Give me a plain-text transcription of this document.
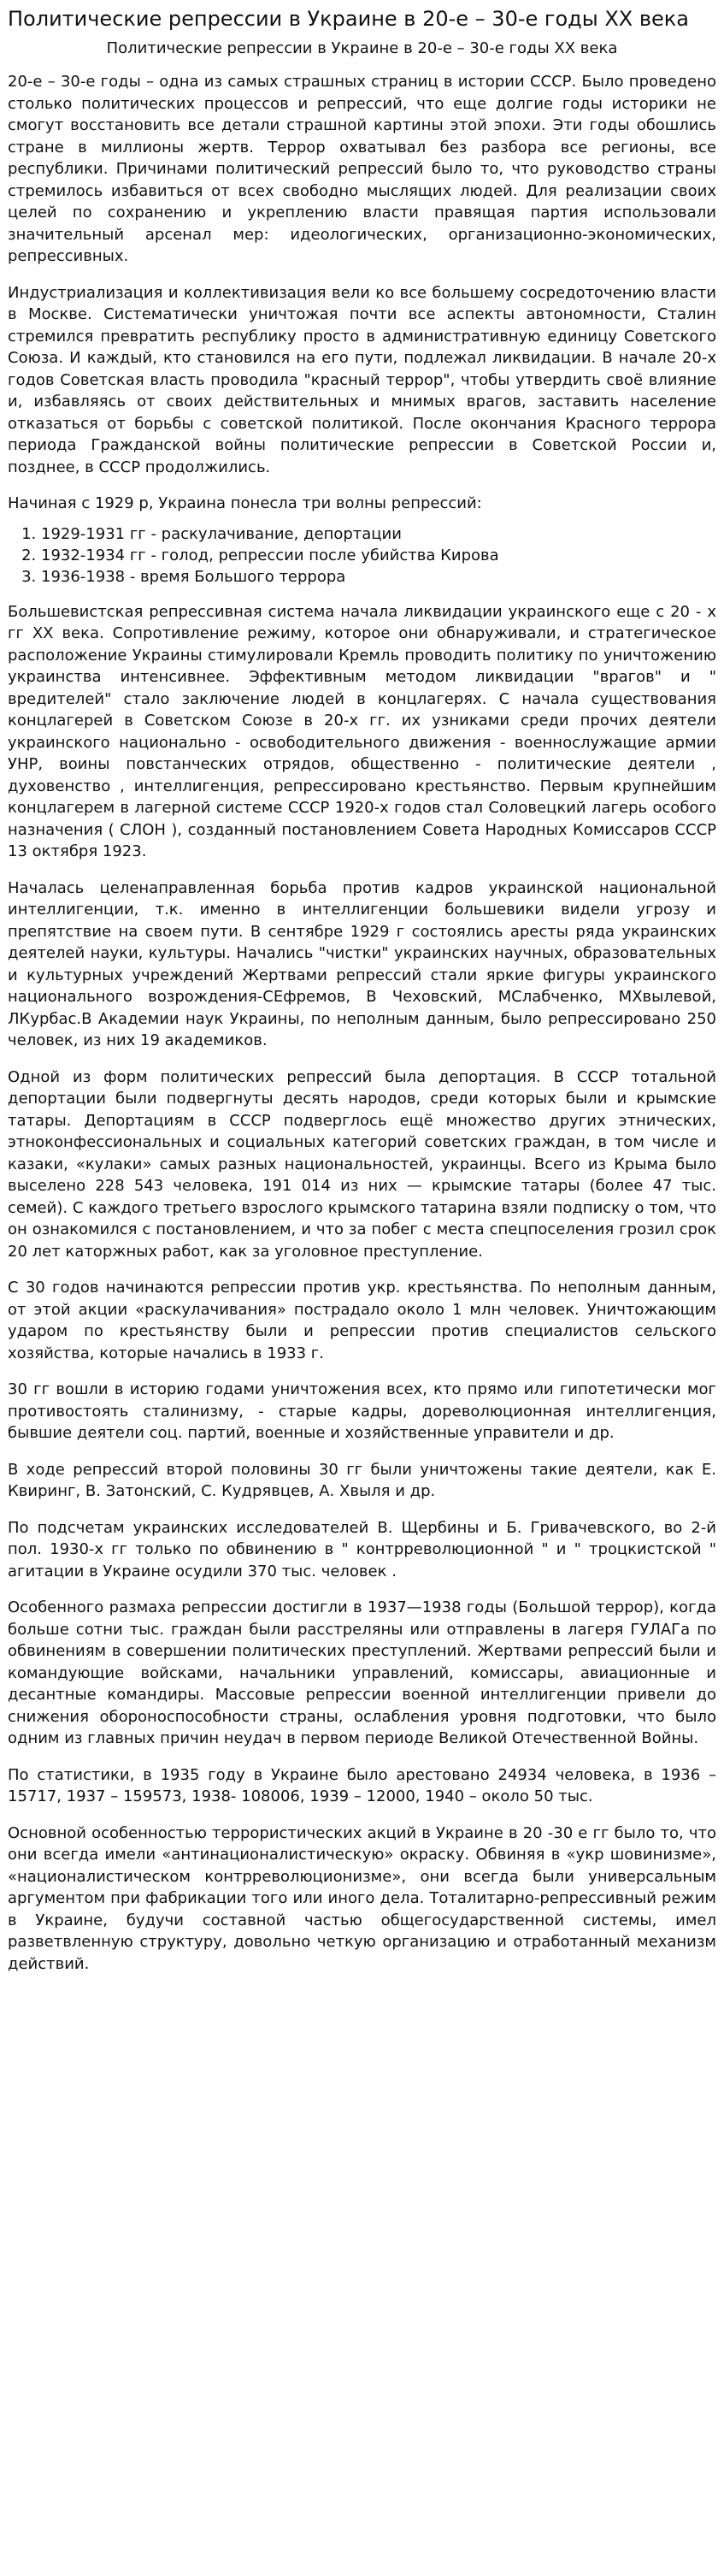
Политические репрессии в Украине в 20-е – 30-е годы XX века
Политические репрессии в Украине в 20-е – 30-е годы XX века

20-е – 30-е годы – одна из самых страшных страниц в истории СССР. Было проведено столько политических процессов и репрессий, что еще долгие годы историки не смогут восстановить все детали страшной картины этой эпохи. Эти годы обошлись стране в миллионы жертв. Террор охватывал без разбора все регионы, все республики. Причинами политический репрессий было то, что руководство страны стремилось избавиться от всех свободно мыслящих людей. Для реализации своих целей по сохранению и укреплению власти правящая партия использовали значительный арсенал мер: идеологических, организационно-экономических, репрессивных.

Индустриализация и коллективизация вели ко все большему сосредоточению власти в Москве. Систематически уничтожая почти все аспекты автономности, Сталин стремился превратить республику просто в административную единицу Советского Союза. И каждый, кто становился на его пути, подлежал ликвидации. В начале 20-х годов Советская власть проводила "красный террор", чтобы утвердить своё влияние и, избавляясь от своих действительных и мнимых врагов, заставить население отказаться от борьбы с советской политикой. После окончания Красного террора периода Гражданской войны политические репрессии в Советской России и, позднее, в СССР продолжились.

Начиная с 1929 р, Украина понесла три волны репрессий:

1. 1929-1931 гг - раскулачивание, депортации
2. 1932-1934 гг - голод, репрессии после убийства Кирова
3. 1936-1938 - время Большого террора

Большевистская репрессивная система начала ликвидации украинского еще с 20 - х гг XX века. Сопротивление режиму, которое они обнаруживали, и стратегическое расположение Украины стимулировали Кремль проводить политику по уничтожению украинства интенсивнее. Эффективным методом ликвидации "врагов" и " вредителей" стало заключение людей в концлагерях. С начала существования концлагерей в Советском Союзе в 20-х гг. их узниками среди прочих деятели украинского национально - освободительного движения - военнослужащие армии УНР, воины повстанческих отрядов, общественно - политические деятели , духовенство , интеллигенция, репрессировано крестьянство. Первым крупнейшим концлагерем в лагерной системе СССР 1920-х годов стал Соловецкий лагерь особого назначения ( СЛОН ), созданный постановлением Совета Народных Комиссаров СССР 13 октября 1923.

Началась целенаправленная борьба против кадров украинской национальной интеллигенции, т.к. именно в интеллигенции большевики видели угрозу и препятствие на своем пути. В сентябре 1929 г состоялись аресты ряда украинских деятелей науки, культуры. Начались "чистки" украинских научных, образовательных и культурных учреждений Жертвами репрессий стали яркие фигуры украинского национального возрождения-СЕфремов, В Чеховский, МСлабченко, МХвылевой, ЛКурбас.В Академии наук Украины, по неполным данным, было репрессировано 250 человек, из них 19 академиков.

Одной из форм политических репрессий была депортация. В СССР тотальной депортации были подвергнуты десять народов, среди которых были и крымские татары. Депортациям в СССР подверглось ещё множество других этнических, этноконфессиональных и социальных категорий советских граждан, в том числе и казаки, «кулаки» самых разных национальностей, украинцы. Всего из Крыма было выселено 228 543 человека, 191 014 из них — крымские татары (более 47 тыс. семей). С каждого третьего взрослого крымского татарина взяли подписку о том, что он ознакомился с постановлением, и что за побег с места спецпоселения грозил срок 20 лет каторжных работ, как за уголовное преступление.

С 30 годов начинаются репрессии против укр. крестьянства. По неполным данным, от этой акции «раскулачивания» пострадало около 1 млн человек. Уничтожающим ударом по крестьянству были и репрессии против специалистов сельского хозяйства, которые начались в 1933 г.

30 гг вошли в историю годами уничтожения всех, кто прямо или гипотетически мог противостоять сталинизму, - старые кадры, дореволюционная интеллигенция, бывшие деятели соц. партий, военные и хозяйственные управители и др.

В ходе репрессий второй половины 30 гг были уничтожены такие деятели, как Е. Квиринг, В. Затонский, С. Кудрявцев, А. Хвыля и др.

По подсчетам украинских исследователей В. Щербины и Б. Гривачевского, во 2-й пол. 1930-х гг только по обвинению в " контрреволюционной " и " троцкистской " агитации в Украине осудили 370 тыс. человек .

Особенного размаха репрессии достигли в 1937—1938 годы (Большой террор), когда больше сотни тыс. граждан были расстреляны или отправлены в лагеря ГУЛАГа по обвинениям в совершении политических преступлений. Жертвами репрессий были и командующие войсками, начальники управлений, комиссары, авиационные и десантные командиры. Массовые репрессии военной интеллигенции привели до снижения обороноспособности страны, ослабления уровня подготовки, что было одним из главных причин неудач в первом периоде Великой Отечественной Войны.

По статистики, в 1935 году в Украине было арестовано 24934 человека, в 1936 – 15717, 1937 – 159573, 1938- 108006, 1939 – 12000, 1940 – около 50 тыс.

Основной особенностью террористических акций в Украине в 20 -30 е гг было то, что они всегда имели «антинационалистическую» окраску. Обвиняя в «укр шовинизме», «националистическом контрреволюционизме», они всегда были универсальным аргументом при фабрикации того или иного дела. Тоталитарно-репрессивный режим в Украине, будучи составной частью общегосударственной системы, имел разветвленную структуру, довольно четкую организацию и отработанный механизм действий.
